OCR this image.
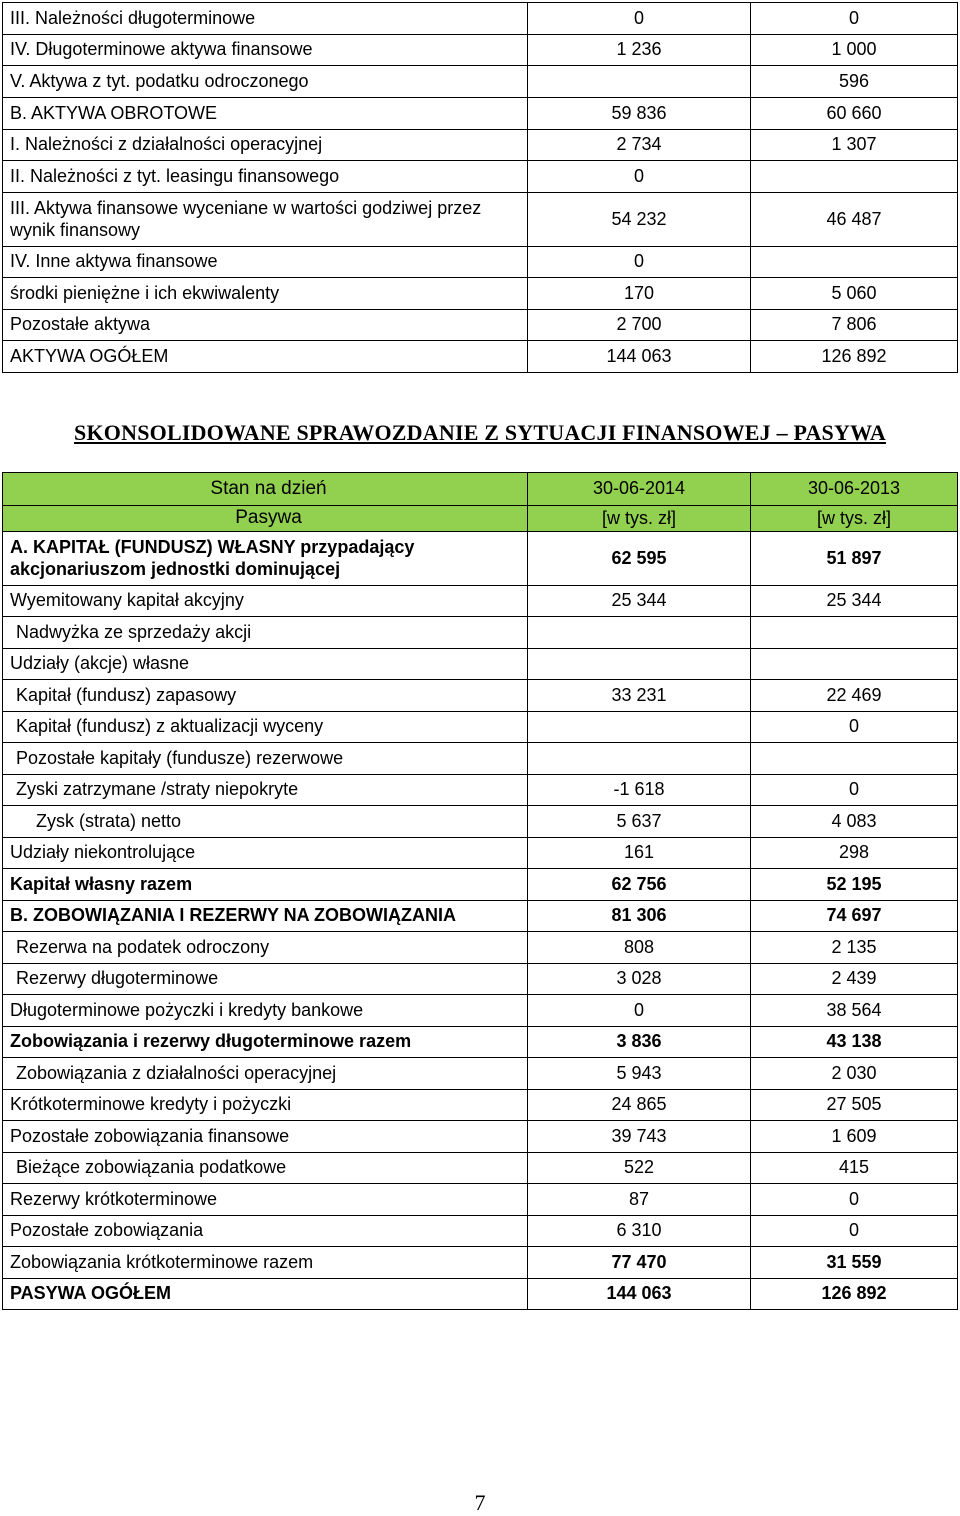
III. Należności długoterminowe	0	0
IV. Długoterminowe aktywa finansowe	1 236	1 000
V. Aktywa z tyt. podatku odroczonego		596
B. AKTYWA OBROTOWE	59 836	60 660
I. Należności z działalności operacyjnej	2 734	1 307
II. Należności z tyt. leasingu finansowego	0	
III. Aktywa finansowe wyceniane w wartości godziwej przez wynik finansowy	54 232	46 487
IV. Inne aktywa finansowe	0	
środki pieniężne i ich ekwiwalenty	170	5 060
Pozostałe aktywa	2 700	7 806
AKTYWA OGÓŁEM	144 063	126 892
SKONSOLIDOWANE SPRAWOZDANIE Z SYTUACJI FINANSOWEJ – PASYWA
Stan na dzień	30-06-2014	30-06-2013
Pasywa	[w tys. zł]	[w tys. zł]
A. KAPITAŁ (FUNDUSZ) WŁASNY przypadający akcjonariuszom jednostki dominującej	62 595	51 897
Wyemitowany kapitał akcyjny	25 344	25 344
Nadwyżka ze sprzedaży akcji		
Udziały (akcje) własne		
Kapitał (fundusz) zapasowy	33 231	22 469
Kapitał (fundusz) z aktualizacji wyceny		0
Pozostałe kapitały (fundusze) rezerwowe		
Zyski zatrzymane /straty niepokryte	-1 618	0
Zysk (strata) netto	5 637	4 083
Udziały niekontrolujące	161	298
Kapitał własny razem	62 756	52 195
B. ZOBOWIĄZANIA I REZERWY NA ZOBOWIĄZANIA	81 306	74 697
Rezerwa na podatek odroczony	808	2 135
Rezerwy długoterminowe	3 028	2 439
Długoterminowe pożyczki i kredyty bankowe	0	38 564
Zobowiązania i rezerwy długoterminowe razem	3 836	43 138
Zobowiązania z działalności operacyjnej	5 943	2 030
Krótkoterminowe kredyty i pożyczki	24 865	27 505
Pozostałe zobowiązania finansowe	39 743	1 609
Bieżące zobowiązania podatkowe	522	415
Rezerwy krótkoterminowe	87	0
Pozostałe zobowiązania	6 310	0
Zobowiązania krótkoterminowe razem	77 470	31 559
PASYWA OGÓŁEM	144 063	126 892
7
